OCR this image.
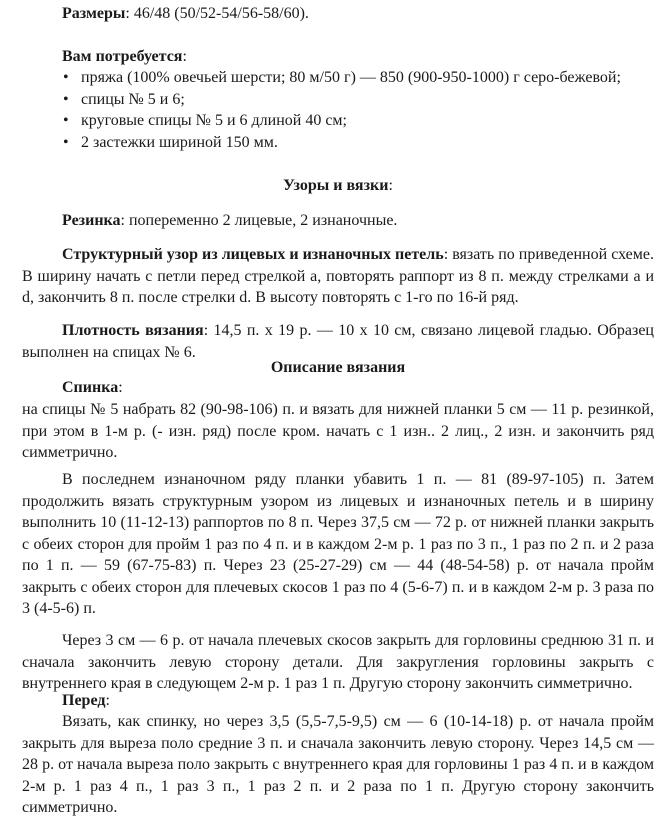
Размеры: 46/48 (50/52-54/56-58/60).

Вам потребуется:

• пряжа (100% овечьей шерсти; 80 м/50 г) — 850 (900-950-1000) г серо-бежевой;
• спицы № 5 и 6;
• круговые спицы № 5 и 6 длиной 40 см;
• 2 застежки шириной 150 мм.

Узоры и вязки:

Резинка: попеременно 2 лицевые, 2 изнаночные.

Структурный узор из лицевых и изнаночных петель: вязать по приведенной схеме. В ширину начать с петли перед стрелкой а, повторять раппорт из 8 п. между стрелками а и d, закончить 8 п. после стрелки d. В высоту повторять с 1-го по 16-й ряд.

Плотность вязания: 14,5 п. х 19 р. — 10 х 10 см, связано лицевой гладью. Образец выполнен на спицах № 6.

Описание вязания

Спинка:

на спицы № 5 набрать 82 (90-98-106) п. и вязать для нижней планки 5 см — 11 р. резинкой, при этом в 1-м р. (- изн. ряд) после кром. начать с 1 изн.. 2 лиц., 2 изн. и закончить ряд симметрично.

В последнем изнаночном ряду планки убавить 1 п. — 81 (89-97-105) п. Затем продолжить вязать структурным узором из лицевых и изнаночных петель и в ширину выполнить 10 (11-12-13) раппортов по 8 п. Через 37,5 см — 72 р. от нижней планки закрыть с обеих сторон для пройм 1 раз по 4 п. и в каждом 2-м р. 1 раз по 3 п., 1 раз по 2 п. и 2 раза по 1 п. — 59 (67-75-83) п. Через 23 (25-27-29) см — 44 (48-54-58) р. от начала пройм закрыть с обеих сторон для плечевых скосов 1 раз по 4 (5-6-7) п. и в каждом 2-м р. 3 раза по 3 (4-5-6) п.

Через 3 см — 6 р. от начала плечевых скосов закрыть для горловины среднюю 31 п. и сначала закончить левую сторону детали. Для закругления горловины закрыть с внутреннего края в следующем 2-м р. 1 раз 1 п. Другую сторону закончить симметрично.

Перед:

Вязать, как спинку, но через 3,5 (5,5-7,5-9,5) см — 6 (10-14-18) р. от начала пройм закрыть для выреза поло средние 3 п. и сначала закончить левую сторону. Через 14,5 см — 28 р. от начала выреза поло закрыть с внутреннего края для горловины 1 раз 4 п. и в каждом 2-м р. 1 раз 4 п., 1 раз 3 п., 1 раз 2 п. и 2 раза по 1 п. Другую сторону закончить симметрично.
